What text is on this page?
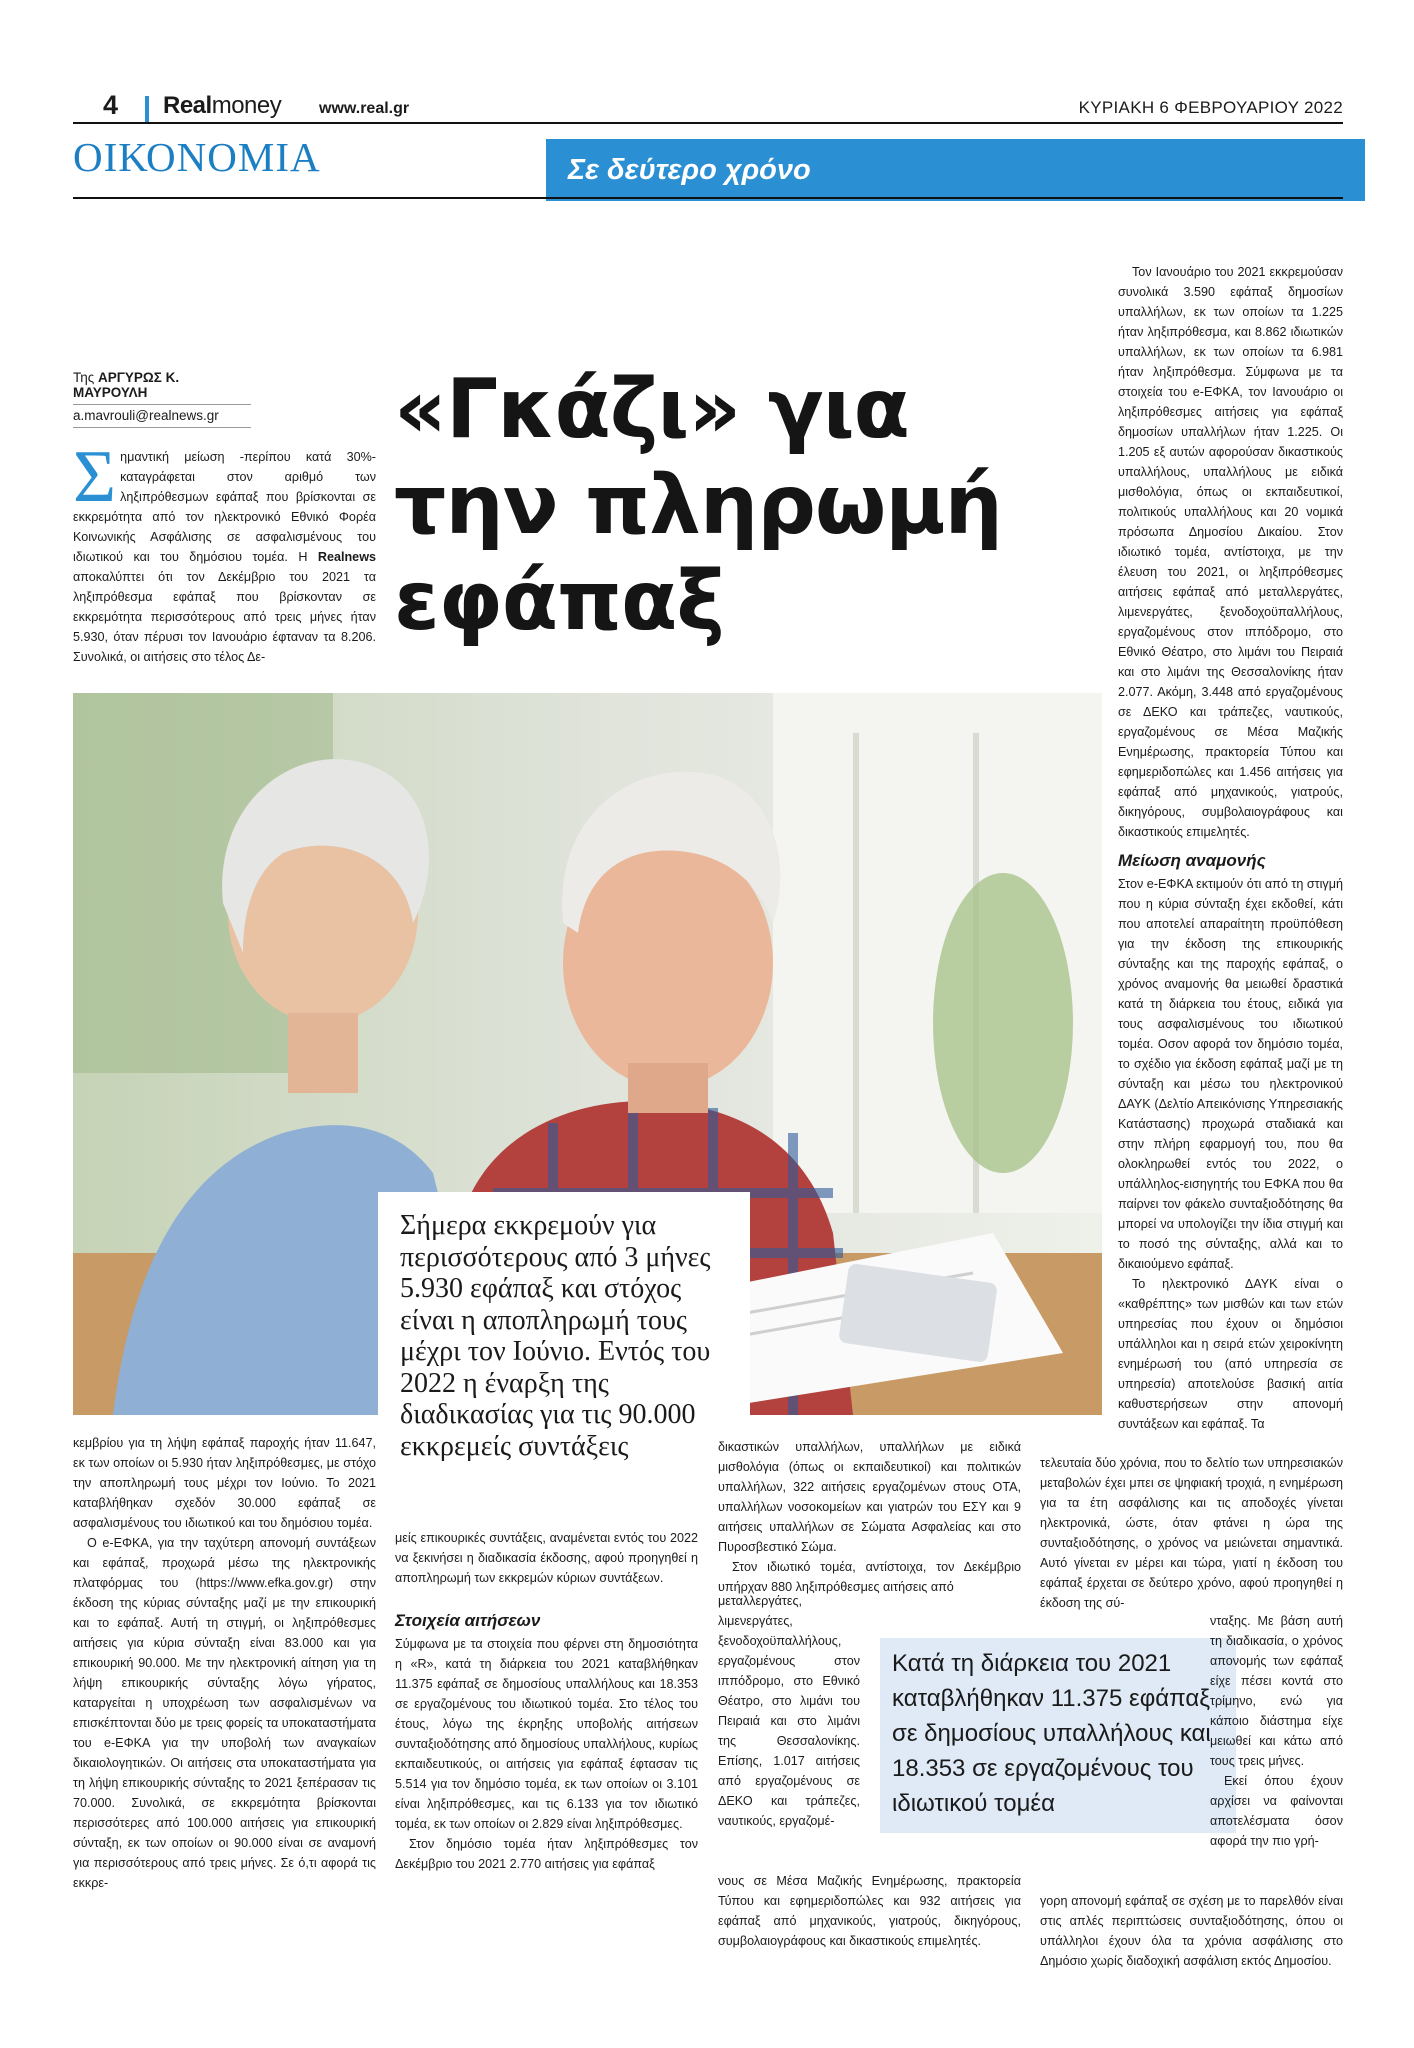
4 Realmoney www.real.gr	ΚΥΡΙΑΚΗ 6 ΦΕΒΡΟΥΑΡΙΟΥ 2022
ΟΙΚΟΝΟΜΙΑ	Σε δεύτερο χρόνο
Της ΑΡΓΥΡΩΣ Κ. ΜΑΥΡΟΥΛΗ
a.mavrouli@realnews.gr	«Γκάζι» για
την πληρωμή
εφάπαξ
Σημαντική μείωση -περίπου κατά 30%- καταγράφεται στον αριθμό των ληξιπρόθεσμων εφάπαξ που βρίσκονται σε εκκρεμότητα από τον ηλεκτρονικό Εθνικό Φορέα Κοινωνικής Ασφάλισης σε ασφαλισμένους του ιδιωτικού και του δημόσιου τομέα. Η Realnews αποκαλύπτει ότι τον Δεκέμβριο του 2021 τα ληξιπρόθεσμα εφάπαξ που βρίσκονταν σε εκκρεμότητα περισσότερους από τρεις μήνες ήταν 5.930, όταν πέρυσι τον Ιανουάριο έφταναν τα 8.206. Συνολικά, οι αιτήσεις στο τέλος Δε-
Σήμερα εκκρεμούν για περισσότερους από 3 μήνες 5.930 εφάπαξ και στόχος είναι η αποπληρωμή τους μέχρι τον Ιούνιο. Εντός του 2022 η έναρξη της διαδικασίας για τις 90.000 εκκρεμείς συντάξεις

κεμβρίου για τη λήψη εφάπαξ παροχής ήταν 11.647, εκ των οποίων οι 5.930 ήταν ληξιπρόθεσμες, με στόχο την αποπληρωμή τους μέχρι τον Ιούνιο. Το 2021 καταβλήθηκαν σχεδόν 30.000 εφάπαξ σε ασφαλισμένους του ιδιωτικού και του δημόσιου τομέα.

Ο e-ΕΦΚΑ, για την ταχύτερη απονομή συντάξεων και εφάπαξ, προχωρά μέσω της ηλεκτρονικής πλατφόρμας του (https://www.efka.gov.gr) στην έκδοση της κύριας σύνταξης μαζί με την επικουρική και το εφάπαξ. Αυτή τη στιγμή, οι ληξιπρόθεσμες αιτήσεις για κύρια σύνταξη είναι 83.000 και για επικουρική 90.000. Με την ηλεκτρονική αίτηση για τη λήψη επικουρικής σύνταξης λόγω γήρατος, καταργείται η υποχρέωση των ασφαλισμένων να επισκέπτονται δύο με τρεις φορείς τα υποκαταστήματα του e-ΕΦΚΑ για την υποβολή των αναγκαίων δικαιολογητικών. Οι αιτήσεις στα υποκαταστήματα για τη λήψη επικουρικής σύνταξης το 2021 ξεπέρασαν τις 70.000. Συνολικά, σε εκκρεμότητα βρίσκονται περισσότερες από 100.000 αιτήσεις για επικουρική σύνταξη, εκ των οποίων οι 90.000 είναι σε αναμονή για περισσότερους από τρεις μήνες. Σε ό,τι αφορά τις εκκρε-

μείς επικουρικές συντάξεις, αναμένεται εντός του 2022 να ξεκινήσει η διαδικασία έκδοσης, αφού προηγηθεί η αποπληρωμή των εκκρεμών κύριων συντάξεων.

Στοιχεία αιτήσεων

Σύμφωνα με τα στοιχεία που φέρνει στη δημοσιότητα η «R», κατά τη διάρκεια του 2021 καταβλήθηκαν 11.375 εφάπαξ σε δημοσίους υπαλλήλους και 18.353 σε εργαζομένους του ιδιωτικού τομέα. Στο τέλος του έτους, λόγω της έκρηξης υποβολής αιτήσεων συνταξιοδότησης από δημοσίους υπαλλήλους, κυρίως εκπαιδευτικούς, οι αιτήσεις για εφάπαξ έφτασαν τις 5.514 για τον δημόσιο τομέα, εκ των οποίων οι 3.101 είναι ληξιπρόθεσμες, και τις 6.133 για τον ιδιωτικό τομέα, εκ των οποίων οι 2.829 είναι ληξιπρόθεσμες.

Στον δημόσιο τομέα ήταν ληξιπρόθεσμες τον Δεκέμβριο του 2021 2.770 αιτήσεις για εφάπαξ

δικαστικών υπαλλήλων, υπαλλήλων με ειδικά μισθολόγια (όπως οι εκπαιδευτικοί) και πολιτικών υπαλλήλων, 322 αιτήσεις εργαζομένων στους ΟΤΑ, υπαλλήλων νοσοκομείων και γιατρών του ΕΣΥ και 9 αιτήσεις υπαλλήλων σε Σώματα Ασφαλείας και στο Πυροσβεστικό Σώμα.

Στον ιδιωτικό τομέα, αντίστοιχα, τον Δεκέμβριο υπήρχαν 880 ληξιπρόθεσμες αιτήσεις από

μεταλλεργάτες, λιμενεργάτες, ξενοδοχοϋπαλλήλους, εργαζομένους στον ιππόδρομο, στο Εθνικό Θέατρο, στο λιμάνι του Πειραιά και στο λιμάνι της Θεσσαλονίκης. Επίσης, 1.017 αιτήσεις από εργαζομένους σε ΔΕΚΟ και τράπεζες, ναυτικούς, εργαζομέ-

νους σε Μέσα Μαζικής Ενημέρωσης, πρακτορεία Τύπου και εφημεριδοπώλες και 932 αιτήσεις για εφάπαξ από μηχανικούς, γιατρούς, δικηγόρους, συμβολαιογράφους και δικαστικούς επιμελητές.

Κατά τη διάρκεια του 2021 καταβλήθηκαν 11.375 εφάπαξ σε δημοσίους υπαλλήλους και 18.353 σε εργαζομένους του ιδιωτικού τομέα

Τον Ιανουάριο του 2021 εκκρεμούσαν συνολικά 3.590 εφάπαξ δημοσίων υπαλλήλων, εκ των οποίων τα 1.225 ήταν ληξιπρόθεσμα, και 8.862 ιδιωτικών υπαλλήλων, εκ των οποίων τα 6.981 ήταν ληξιπρόθεσμα. Σύμφωνα με τα στοιχεία του e-ΕΦΚΑ, τον Ιανουάριο οι ληξιπρόθεσμες αιτήσεις για εφάπαξ δημοσίων υπαλλήλων ήταν 1.225. Οι 1.205 εξ αυτών αφορούσαν δικαστικούς υπαλλήλους, υπαλλήλους με ειδικά μισθολόγια, όπως οι εκπαιδευτικοί, πολιτικούς υπαλλήλους και 20 νομικά πρόσωπα Δημοσίου Δικαίου. Στον ιδιωτικό τομέα, αντίστοιχα, με την έλευση του 2021, οι ληξιπρόθεσμες αιτήσεις εφάπαξ από μεταλλεργάτες, λιμενεργάτες, ξενοδοχοϋπαλλήλους, εργαζομένους στον ιππόδρομο, στο Εθνικό Θέατρο, στο λιμάνι του Πειραιά και στο λιμάνι της Θεσσαλονίκης ήταν 2.077. Ακόμη, 3.448 από εργαζομένους σε ΔΕΚΟ και τράπεζες, ναυτικούς, εργαζομένους σε Μέσα Μαζικής Ενημέρωσης, πρακτορεία Τύπου και εφημεριδοπώλες και 1.456 αιτήσεις για εφάπαξ από μηχανικούς, γιατρούς, δικηγόρους, συμβολαιογράφους και δικαστικούς επιμελητές.

Μείωση αναμονής

Στον e-ΕΦΚΑ εκτιμούν ότι από τη στιγμή που η κύρια σύνταξη έχει εκδοθεί, κάτι που αποτελεί απαραίτητη προϋπόθεση για την έκδοση της επικουρικής σύνταξης και της παροχής εφάπαξ, ο χρόνος αναμονής θα μειωθεί δραστικά κατά τη διάρκεια του έτους, ειδικά για τους ασφαλισμένους του ιδιωτικού τομέα. Οσον αφορά τον δημόσιο τομέα, το σχέδιο για έκδοση εφάπαξ μαζί με τη σύνταξη και μέσω του ηλεκτρονικού ΔΑΥΚ (Δελτίο Απεικόνισης Υπηρεσιακής Κατάστασης) προχωρά σταδιακά και στην πλήρη εφαρμογή του, που θα ολοκληρωθεί εντός του 2022, ο υπάλληλος-εισηγητής του ΕΦΚΑ που θα παίρνει τον φάκελο συνταξιοδότησης θα μπορεί να υπολογίζει την ίδια στιγμή και το ποσό της σύνταξης, αλλά και το δικαιούμενο εφάπαξ.

Το ηλεκτρονικό ΔΑΥΚ είναι ο «καθρέπτης» των μισθών και των ετών υπηρεσίας που έχουν οι δημόσιοι υπάλληλοι και η σειρά ετών χειροκίνητη ενημέρωσή του (από υπηρεσία σε υπηρεσία) αποτελούσε βασική αιτία καθυστερήσεων στην απονομή συντάξεων και εφάπαξ. Τα

τελευταία δύο χρόνια, που το δελτίο των υπηρεσιακών μεταβολών έχει μπει σε ψηφιακή τροχιά, η ενημέρωση για τα έτη ασφάλισης και τις αποδοχές γίνεται ηλεκτρονικά, ώστε, όταν φτάνει η ώρα της συνταξιοδότησης, ο χρόνος να μειώνεται σημαντικά. Αυτό γίνεται εν μέρει και τώρα, γιατί η έκδοση του εφάπαξ έρχεται σε δεύτερο χρόνο, αφού προηγηθεί η έκδοση της σύ-

νταξης. Με βάση αυτή τη διαδικασία, ο χρόνος απονομής των εφάπαξ είχε πέσει κοντά στο τρίμηνο, ενώ για κάποιο διάστημα είχε μειωθεί και κάτω από τους τρεις μήνες.

Εκεί όπου έχουν αρχίσει να φαίνονται αποτελέσματα όσον αφορά την πιο γρή-

γορη απονομή εφάπαξ σε σχέση με το παρελθόν είναι στις απλές περιπτώσεις συνταξιοδότησης, όπου οι υπάλληλοι έχουν όλα τα χρόνια ασφάλισης στο Δημόσιο χωρίς διαδοχική ασφάλιση εκτός Δημοσίου.
